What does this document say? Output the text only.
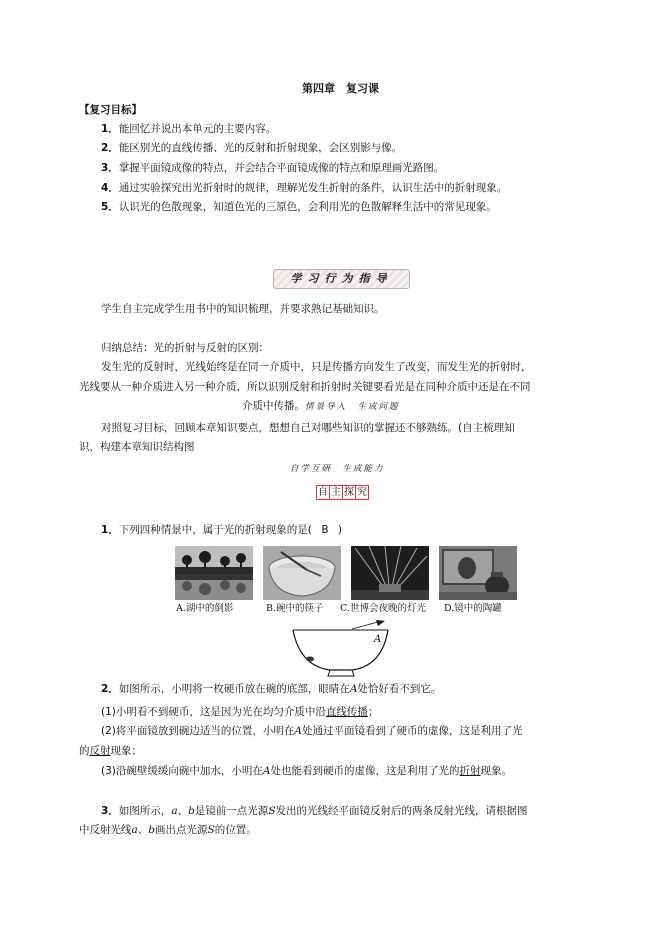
第四章　复习课
【复习目标】
1．能回忆并说出本单元的主要内容。
2．能区别光的直线传播、光的反射和折射现象，会区别影与像。
3．掌握平面镜成像的特点，并会结合平面镜成像的特点和原理画光路图。
4．通过实验探究出光折射时的规律，理解光发生折射的条件，认识生活中的折射现象。
5．认识光的色散现象，知道色光的三原色，会利用光的色散解释生活中的常见现象。
学习行为指导
学生自主完成学生用书中的知识梳理，并要求熟记基础知识。
归纳总结：光的折射与反射的区别：
发生光的反射时，光线始终是在同一介质中，只是传播方向发生了改变，而发生光的折射时，
光线要从一种介质进入另一种介质，所以识别反射和折射时关键要看光是在同种介质中还是在不同
介质中传播。情景导入　生成问题
对照复习目标，回顾本章知识要点，想想自己对哪些知识的掌握还不够熟练。(自主梳理知
识，构建本章知识结构图
自学互研　生成能力
自 主 探 究
1．下列四种情景中，属于光的折射现象的是( B )
A.湖中的倒影	B.碗中的筷子 C.世博会夜晚的灯光 D.镜中的陶罐
A
2．如图所示，小明将一枚硬币放在碗的底部，眼睛在A处恰好看不到它。
(1)小明看不到硬币，这是因为光在均匀介质中沿直线传播；
(2)将平面镜放到碗边适当的位置，小明在A处通过平面镜看到了硬币的虚像，这是利用了光
的反射现象；
(3)沿碗壁缓缓向碗中加水，小明在A处也能看到硬币的虚像，这是利用了光的折射现象。
3．如图所示，a、b是镜前一点光源S发出的光线经平面镜反射后的两条反射光线，请根据图
中反射光线a、b画出点光源S的位置。
